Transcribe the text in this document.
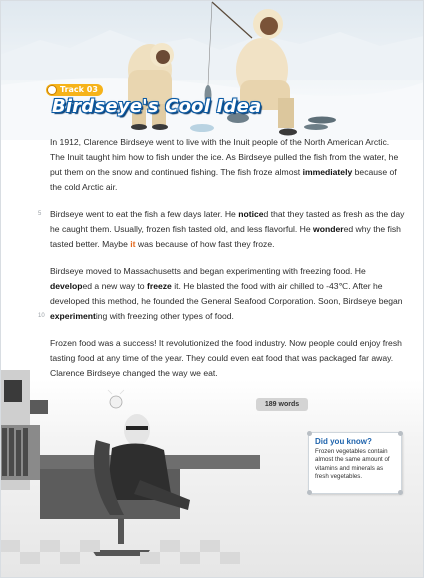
Track 03
Birdseye's Cool Idea

In 1912, Clarence Birdseye went to live with the Inuit people of the North American Arctic. The Inuit taught him how to fish under the ice. As Birdseye pulled the fish from the water, he put them on the snow and continued fishing. The fish froze almost immediately because of the cold Arctic air.

5 Birdseye went to eat the fish a few days later. He noticed that they tasted as fresh as the day he caught them. Usually, frozen fish tasted old, and less flavorful. He wondered why the fish tasted better. Maybe it was because of how fast they froze.

10
Birdseye moved to Massachusetts and began experimenting with freezing food. He developed a new way to freeze it. He blasted the food with air chilled to -43℃. After he developed this method, he founded the General Seafood Corporation. Soon, Birdseye began experimenting with freezing other types of food.

Frozen food was a success! It revolutionized the food industry. Now people could enjoy fresh tasting food at any time of the year. They could even eat food that was packaged far away. Clarence Birdseye changed the way we eat.

189 words

Did you know?

Frozen vegetables contain almost the same amount of vitamins and minerals as fresh vegetables.
